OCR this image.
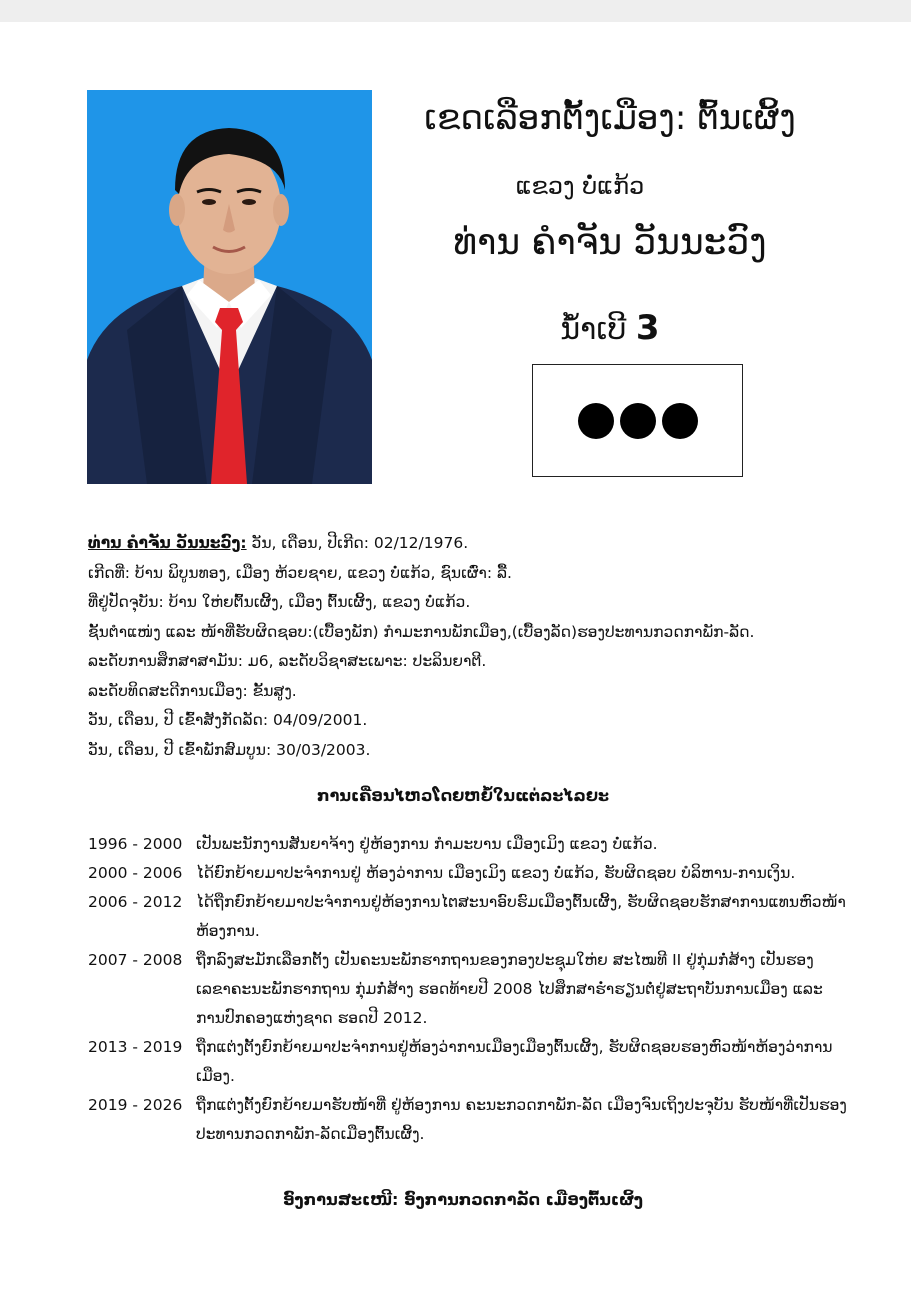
ເຂດເລືອກຕັ້ງເມືອງ: ຕົ້ນເຜິ້ງ
ແຂວງ ບໍ່ແກ້ວ
ທ່ານ ຄຳຈັນ ວັນນະວົງ
ນໍ້າເບີ 3
ທ່ານ ຄຳຈັນ ວັນນະວົງ: ວັນ, ເດືອນ, ປີເກີດ: 02/12/1976.
ເກີດທີ່: ບ້ານ ພິບູນທອງ, ເມືອງ ຫ້ວຍຊາຍ, ແຂວງ ບໍ່ແກ້ວ, ຊົນເຜົ່າ: ລື້.
ທີ່ຢູ່ປັດຈຸບັນ: ບ້ານ ໃຫ່ຍຕົ້ນເຜິ້ງ, ເມືອງ ຕົ້ນເຜິ້ງ, ແຂວງ ບໍ່ແກ້ວ.
ຊັ້ນຕຳແໜ່ງ ແລະ ໜ້າທີ່ຮັບຜິດຊອບ:(ເບື້ອງພັກ) ກຳມະການພັກເມືອງ,(ເບື້ອງລັດ)ຮອງປະທານກວດກາພັກ-ລັດ.
ລະດັບການສຶກສາສາມັນ: ມ6, ລະດັບວິຊາສະເພາະ: ປະລິນຍາຕີ.
ລະດັບທິດສະດີການເມືອງ: ຂັ້ນສູງ.
ວັນ, ເດືອນ, ປີ ເຂົ້າສັງກັດລັດ: 04/09/2001.
ວັນ, ເດືອນ, ປີ ເຂົ້າພັກສົມບູນ: 30/03/2003.
ການເຄື່ອນໄຫວໂດຍຫຍໍ້ໃນແຕ່ລະໄລຍະ
1996 - 2000 ເປັນພະນັກງານສັນຍາຈ້າງ ຢູ່ຫ້ອງການ ກຳມະບານ ເມືອງເມິງ ແຂວງ ບໍ່ແກ້ວ.
2000 - 2006 ໄດ້ຍົກຍ້າຍມາປະຈຳການຢູ່ ຫ້ອງວ່າການ ເມືອງເມິງ ແຂວງ ບໍ່ແກ້ວ, ຮັບຜິດຊອບ ບໍລິຫານ-ການເງິນ.
2006 - 2012 ໄດ້ຖືກຍົກຍ້າຍມາປະຈຳການຢູ່ຫ້ອງການໄຕສະນາອົບຮົມເມືອງຕົ້ນເຜິ້ງ, ຮັບຜິດຊອບຮັກສາການແທນຫົວໜ້າຫ້ອງການ.
2007 - 2008 ຖືກລົງສະມັກເລືອກຕັ້ງ ເປັນຄະນະພັກຮາກຖານຂອງກອງປະຊຸມໃຫ່ຍ ສະໄໝທີ II ຢູ່ກຸ່ມກໍ່ສ້າງ ເປັນຮອງເລຂາຄະນະພັກຮາກຖານ ກຸ່ມກໍ່ສ້າງ ຮອດທ້າຍປີ 2008 ໄປສຶກສາຮ່ຳຮຽນຕໍ່ຢູ່ສະຖາບັນການເມືອງ ແລະ ການປົກຄອງແຫ່ງຊາດ ຮອດປີ 2012.
2013 - 2019 ຖືກແຕ່ງຕັ້ງຍົກຍ້າຍມາປະຈຳການຢູ່ຫ້ອງວ່າການເມືອງເມືອງຕົ້ນເຜິ້ງ, ຮັບຜິດຊອບຮອງຫົວໜ້າຫ້ອງວ່າການເມືອງ.
2019 - 2026 ຖືກແຕ່ງຕັ້ງຍົກຍ້າຍມາຮັບໜ້າທີ່ ຢູ່ຫ້ອງການ ຄະນະກວດກາພັກ-ລັດ ເມືອງຈົນເຖິງປະຈຸບັນ ຮັບໜ້າທີ່ເປັນຮອງປະທານກວດກາພັກ-ລັດເມືອງຕົ້ນເຜິ້ງ.
ອົງການສະເໜີ: ອົງການກວດກາລັດ ເມືອງຕົ້ນເຜິ້ງ
